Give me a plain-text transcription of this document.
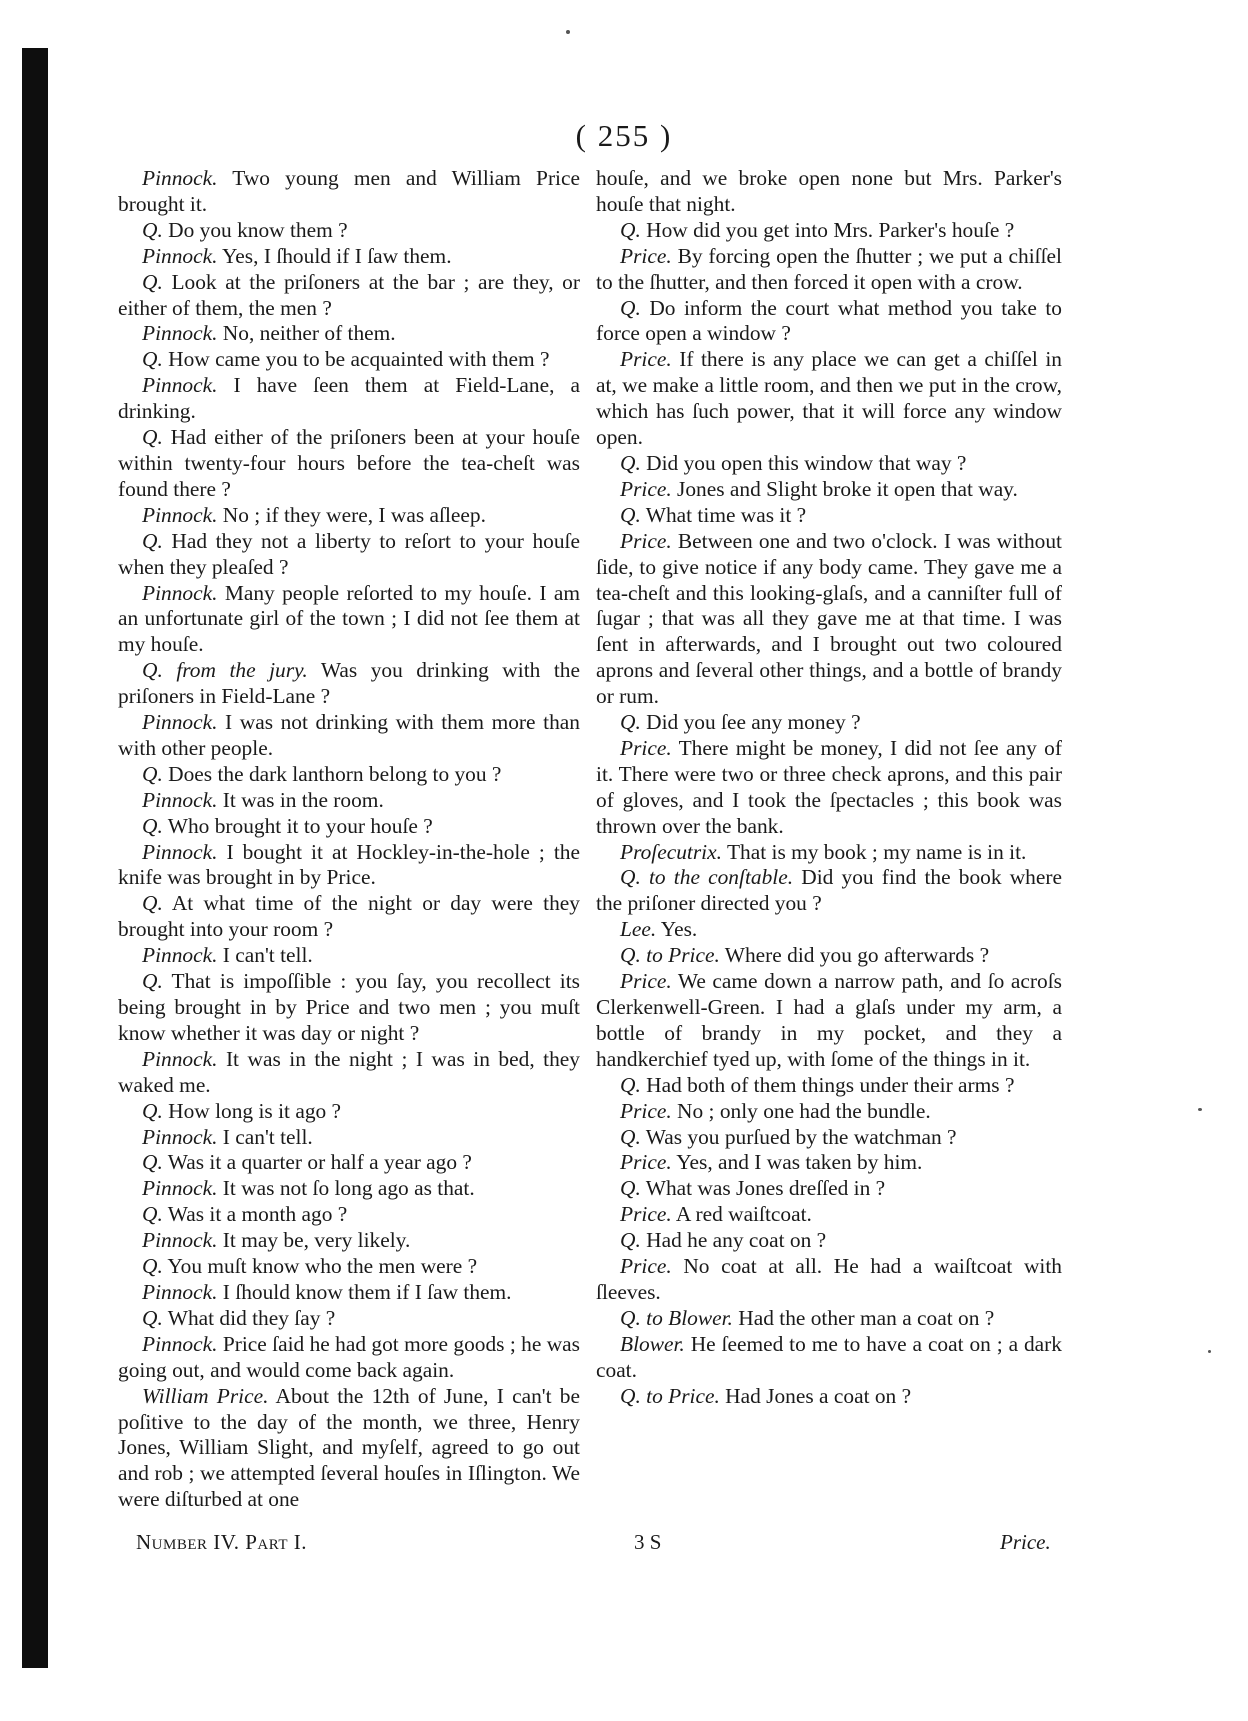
( 255 )

Pinnock. Two young men and William Price brought it.

Q. Do you know them ?

Pinnock. Yes, I ſhould if I ſaw them.

Q. Look at the priſoners at the bar ; are they, or either of them, the men ?

Pinnock. No, neither of them.

Q. How came you to be acquainted with them ?

Pinnock. I have ſeen them at Field-Lane, a drinking.

Q. Had either of the priſoners been at your houſe within twenty-four hours before the tea-cheſt was found there ?

Pinnock. No ; if they were, I was aſleep.

Q. Had they not a liberty to reſort to your houſe when they pleaſed ?

Pinnock. Many people reſorted to my houſe. I am an unfortunate girl of the town ; I did not ſee them at my houſe.

Q. from the jury. Was you drinking with the priſoners in Field-Lane ?

Pinnock. I was not drinking with them more than with other people.

Q. Does the dark lanthorn belong to you ?

Pinnock. It was in the room.

Q. Who brought it to your houſe ?

Pinnock. I bought it at Hockley-in-the-hole ; the knife was brought in by Price.

Q. At what time of the night or day were they brought into your room ?

Pinnock. I can't tell.

Q. That is impoſſible : you ſay, you recollect its being brought in by Price and two men ; you muſt know whether it was day or night ?

Pinnock. It was in the night ; I was in bed, they waked me.

Q. How long is it ago ?

Pinnock. I can't tell.

Q. Was it a quarter or half a year ago ?

Pinnock. It was not ſo long ago as that.

Q. Was it a month ago ?

Pinnock. It may be, very likely.

Q. You muſt know who the men were ?

Pinnock. I ſhould know them if I ſaw them.

Q. What did they ſay ?

Pinnock. Price ſaid he had got more goods ; he was going out, and would come back again.

William Price. About the 12th of June, I can't be poſitive to the day of the month, we three, Henry Jones, William Slight, and myſelf, agreed to go out and rob ; we attempted ſeveral houſes in Iſlington. We were diſturbed at one

houſe, and we broke open none but Mrs. Parker's houſe that night.

Q. How did you get into Mrs. Parker's houſe ?

Price. By forcing open the ſhutter ; we put a chiſſel to the ſhutter, and then forced it open with a crow.

Q. Do inform the court what method you take to force open a window ?

Price. If there is any place we can get a chiſſel in at, we make a little room, and then we put in the crow, which has ſuch power, that it will force any window open.

Q. Did you open this window that way ?

Price. Jones and Slight broke it open that way.

Q. What time was it ?

Price. Between one and two o'clock. I was without ſide, to give notice if any body came. They gave me a tea-cheſt and this looking-glaſs, and a canniſter full of ſugar ; that was all they gave me at that time. I was ſent in afterwards, and I brought out two coloured aprons and ſeveral other things, and a bottle of brandy or rum.

Q. Did you ſee any money ?

Price. There might be money, I did not ſee any of it. There were two or three check aprons, and this pair of gloves, and I took the ſpectacles ; this book was thrown over the bank.

Proſecutrix. That is my book ; my name is in it.

Q. to the conſtable. Did you find the book where the priſoner directed you ?

Lee. Yes.

Q. to Price. Where did you go afterwards ?

Price. We came down a narrow path, and ſo acroſs Clerkenwell-Green. I had a glaſs under my arm, a bottle of brandy in my pocket, and they a handkerchief tyed up, with ſome of the things in it.

Q. Had both of them things under their arms ?

Price. No ; only one had the bundle.

Q. Was you purſued by the watchman ?

Price. Yes, and I was taken by him.

Q. What was Jones dreſſed in ?

Price. A red waiſtcoat.

Q. Had he any coat on ?

Price. No coat at all. He had a waiſtcoat with ſleeves.

Q. to Blower. Had the other man a coat on ?

Blower. He ſeemed to me to have a coat on ; a dark coat.

Q. to Price. Had Jones a coat on ?

Number IV. Part I.	3 S	Price.
